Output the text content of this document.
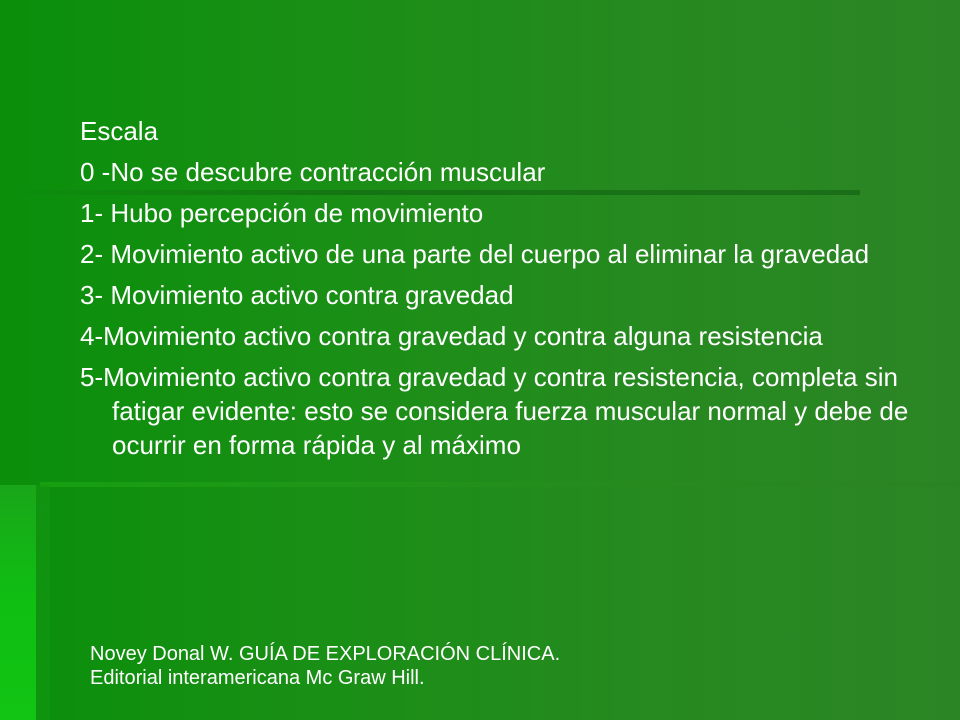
Escala
0 -No se descubre contracción muscular
1- Hubo percepción de movimiento
2- Movimiento activo de una parte del cuerpo al eliminar la gravedad
3- Movimiento activo contra gravedad
4-Movimiento activo contra gravedad y contra alguna resistencia
5-Movimiento activo contra gravedad y contra resistencia, completa sin fatigar evidente: esto se considera fuerza muscular normal y debe de ocurrir en forma rápida y al máximo
Novey Donal W. GUÍA DE EXPLORACIÓN CLÍNICA.
Editorial interamericana Mc Graw Hill.
